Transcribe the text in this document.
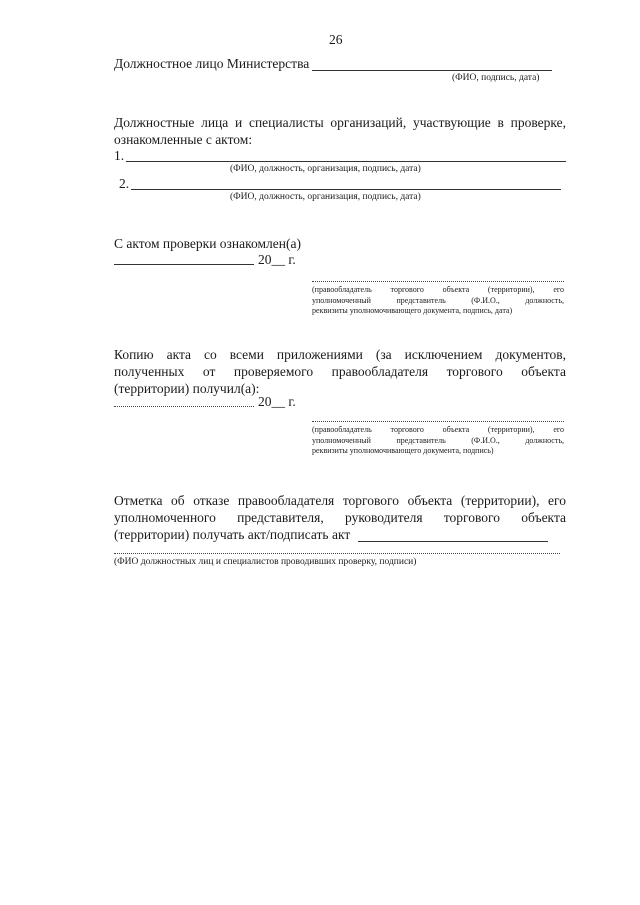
26
Должностное лицо Министерства
(ФИО, подпись, дата)
Должностные лица и специалисты организаций, участвующие в проверке,
ознакомленные с актом:
1.
(ФИО, должность, организация, подпись, дата)
2.
(ФИО, должность, организация, подпись, дата)
С актом проверки ознакомлен(а)
20__ г.
(правообладатель торгового объекта (территории), его
уполномоченный представитель (Ф.И.О., должность,
реквизиты уполномочивающего документа, подпись, дата)
Копию акта со всеми приложениями (за исключением документов,
полученных от проверяемого правообладателя торгового объекта
(территории) получил(а):
20__ г.
(правообладатель торгового объекта (территории), его
уполномоченный представитель (Ф.И.О., должность,
реквизиты уполномочивающего документа, подпись)
Отметка об отказе правообладателя торгового объекта (территории), его
уполномоченного представителя, руководителя торгового объекта
(территории) получать акт/подписать акт
(ФИО должностных лиц и специалистов проводивших проверку, подписи)
